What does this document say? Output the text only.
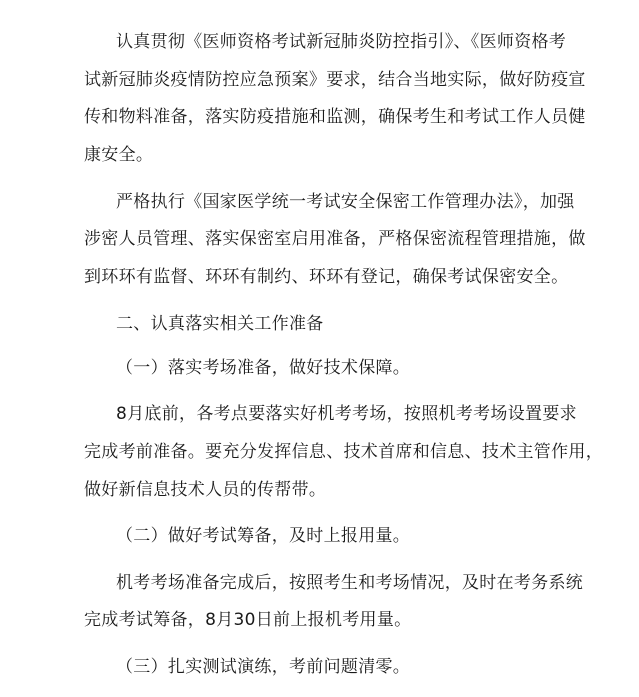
认真贯彻《医师资格考试新冠肺炎防控指引》、《医师资格考
试新冠肺炎疫情防控应急预案》要求，结合当地实际，做好防疫宣
传和物料准备，落实防疫措施和监测，确保考生和考试工作人员健
康安全。
严格执行《国家医学统一考试安全保密工作管理办法》，加强
涉密人员管理、落实保密室启用准备，严格保密流程管理措施，做
到环环有监督、环环有制约、环环有登记，确保考试保密安全。
二、认真落实相关工作准备
（一）落实考场准备，做好技术保障。
8月底前，各考点要落实好机考考场，按照机考考场设置要求
完成考前准备。要充分发挥信息、技术首席和信息、技术主管作用，
做好新信息技术人员的传帮带。
（二）做好考试筹备，及时上报用量。
机考考场准备完成后，按照考生和考场情况，及时在考务系统
完成考试筹备，8月30日前上报机考用量。
（三）扎实测试演练，考前问题清零。
